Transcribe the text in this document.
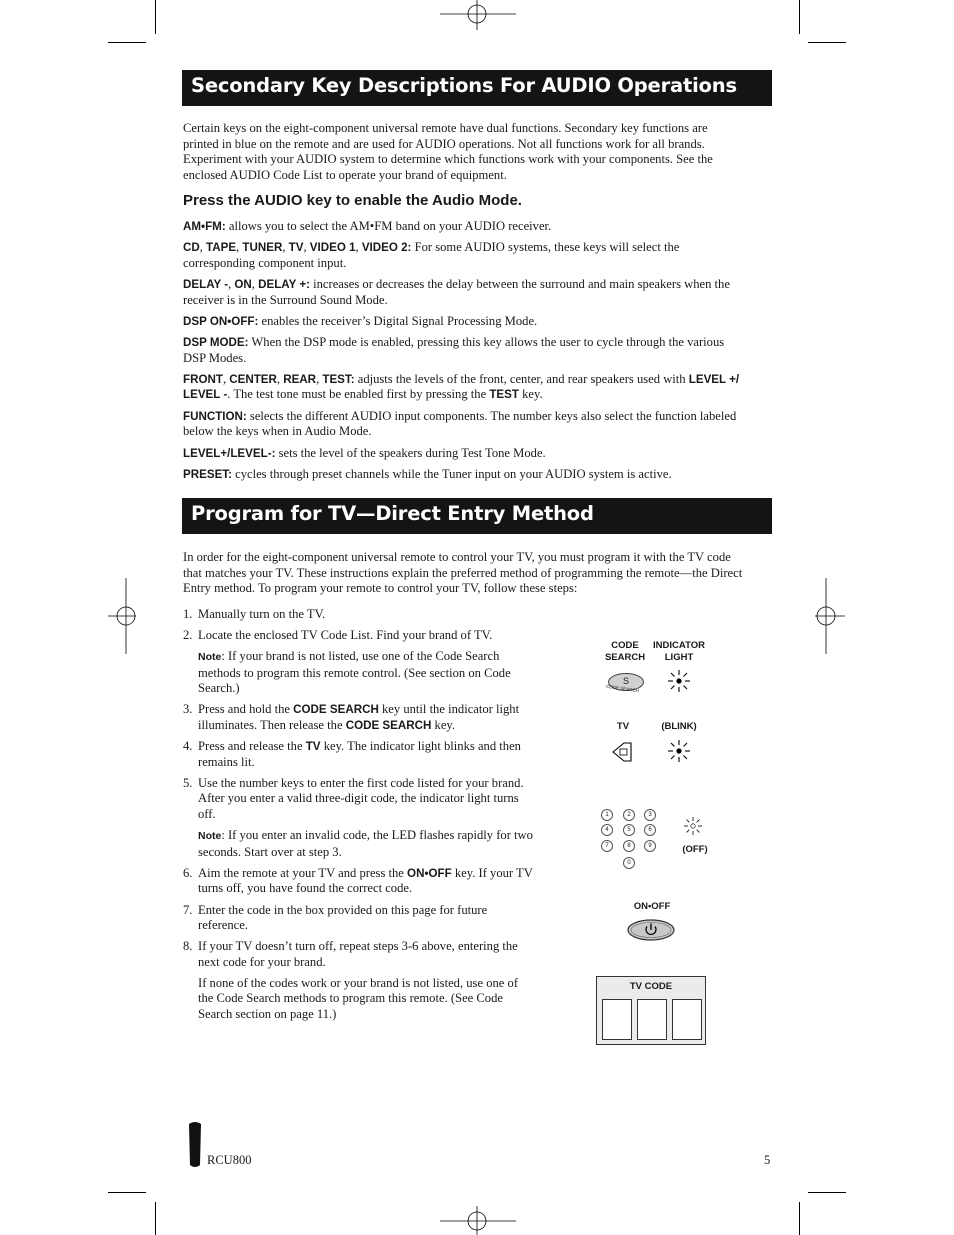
Secondary Key Descriptions For AUDIO Operations
Certain keys on the eight-component universal remote have dual functions. Secondary key functions are printed in blue on the remote and are used for AUDIO operations. Not all functions work for all brands. Experiment with your AUDIO system to determine which functions work with your components. See the enclosed AUDIO Code List to operate your brand of equipment.
Press the AUDIO key to enable the Audio Mode.

AM•FM: allows you to select the AM•FM band on your AUDIO receiver.

CD, TAPE, TUNER, TV, VIDEO 1, VIDEO 2: For some AUDIO systems, these keys will select the corresponding component input.

DELAY -, ON, DELAY +: increases or decreases the delay between the surround and main speakers when the receiver is in the Surround Sound Mode.

DSP ON•OFF: enables the receiver’s Digital Signal Processing Mode.

DSP MODE: When the DSP mode is enabled, pressing this key allows the user to cycle through the various DSP Modes.

FRONT, CENTER, REAR, TEST: adjusts the levels of the front, center, and rear speakers used with LEVEL +/ LEVEL -. The test tone must be enabled first by pressing the TEST key.

FUNCTION: selects the different AUDIO input components. The number keys also select the function labeled below the keys when in Audio Mode.

LEVEL+/LEVEL-: sets the level of the speakers during Test Tone Mode.

PRESET: cycles through preset channels while the Tuner input on your AUDIO system is active.

Program for TV—Direct Entry Method
In order for the eight-component universal remote to control your TV, you must program it with the TV code that matches your TV. These instructions explain the preferred method of programming the remote—the Direct Entry method. To program your remote to control your TV, follow these steps:
1. Manually turn on the TV.
2. Locate the enclosed TV Code List. Find your brand of TV.
Note: If your brand is not listed, use one of the Code Search methods to program this remote control. (See section on Code Search.)
3. Press and hold the CODE SEARCH key until the indicator light illuminates. Then release the CODE SEARCH key.
4. Press and release the TV key. The indicator light blinks and then remains lit.
5. Use the number keys to enter the first code listed for your brand. After you enter a valid three-digit code, the indicator light turns off.
Note: If you enter an invalid code, the LED flashes rapidly for two seconds. Start over at step 3.
6. Aim the remote at your TV and press the ON•OFF key. If your TV turns off, you have found the correct code.
7. Enter the code in the box provided on this page for future reference.
8. If your TV doesn’t turn off, repeat steps 3-6 above, entering the next code for your brand.
If none of the codes work or your brand is not listed, use one of the Code Search methods to program this remote. (See Code Search section on page 11.)
CODE SEARCH
INDICATOR LIGHT
S
CODE SEARCH
TV	(BLINK)
1	2	3
4	5	6
7	8	9
0
(OFF)
ON•OFF
TV CODE
RCU800	5
